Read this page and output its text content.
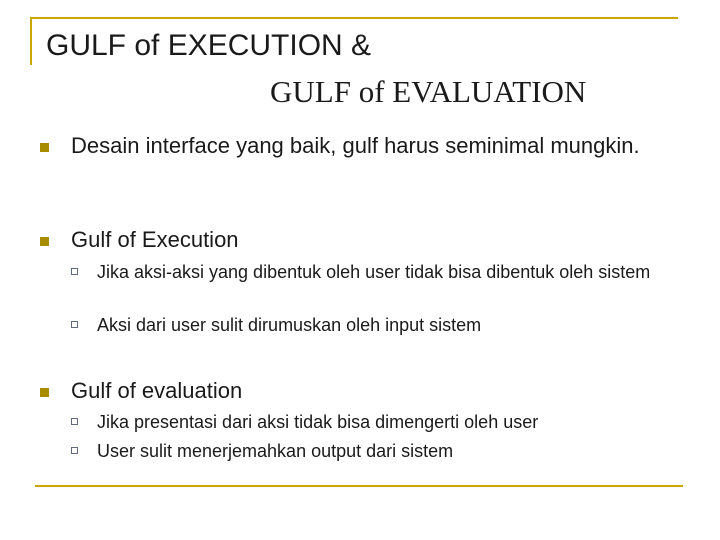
GULF of EXECUTION &
GULF of EVALUATION
Desain interface yang baik, gulf harus seminimal mungkin.
Gulf of Execution
Jika aksi-aksi yang dibentuk oleh user tidak bisa dibentuk oleh sistem
Aksi dari user sulit dirumuskan oleh input sistem
Gulf of evaluation
Jika presentasi dari aksi tidak bisa dimengerti oleh user
User sulit menerjemahkan output dari sistem
